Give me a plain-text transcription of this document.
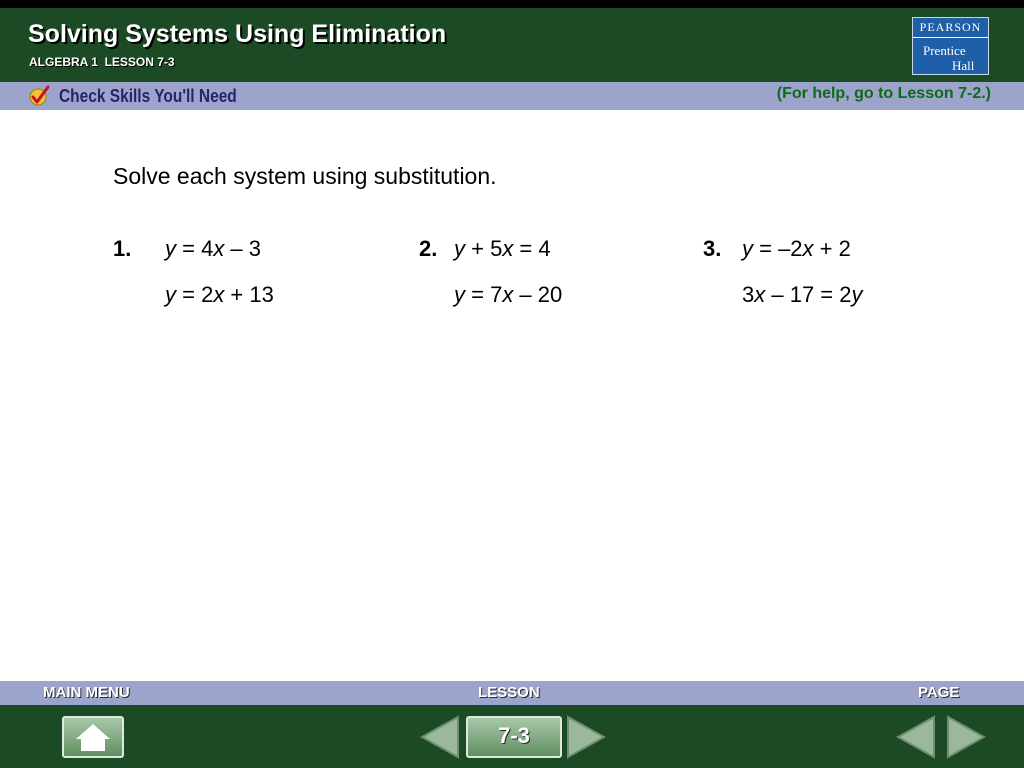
Solving Systems Using Elimination
ALGEBRA 1  LESSON 7-3
PEARSON
Prentice
Hall
Check Skills You'll Need	(For help, go to Lesson 7-2.)
Solve each system using substitution.
1. y = 4x – 3
y = 2x + 13
2. y + 5x = 4
y = 7x – 20
3. y = –2x + 2
3x – 17 = 2y
MAIN MENU	LESSON	PAGE
7-3
